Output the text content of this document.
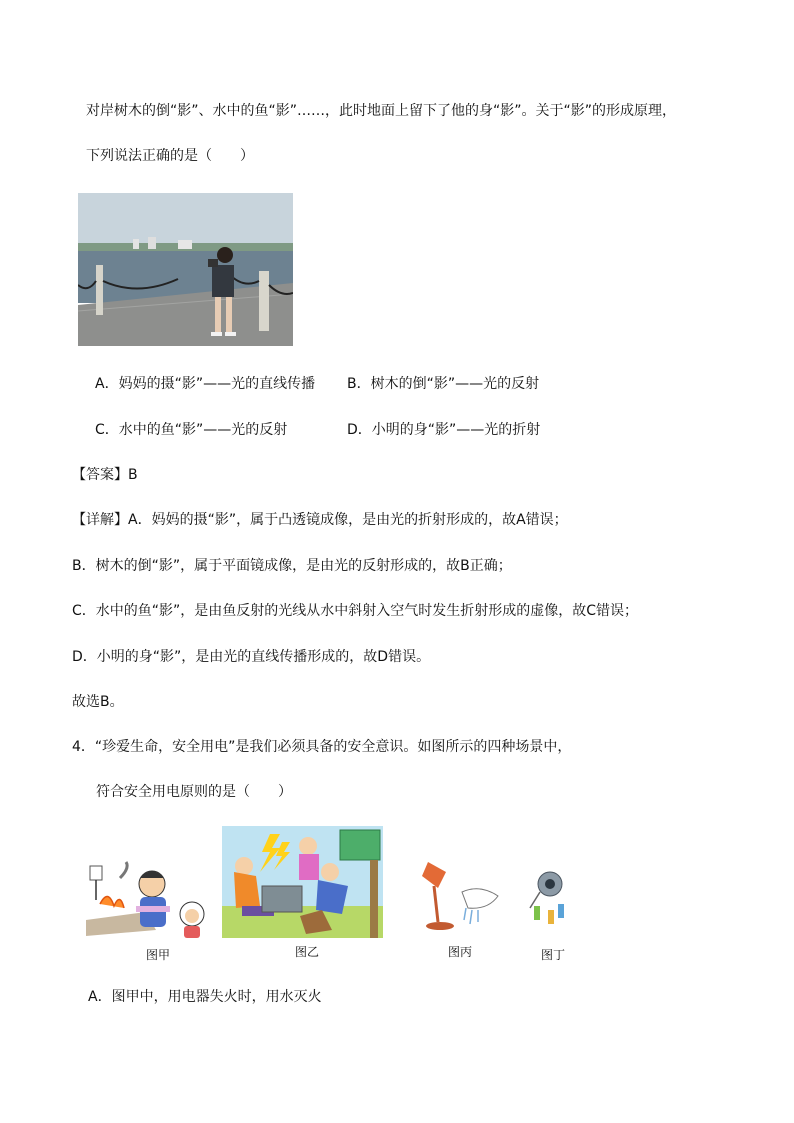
对岸树木的倒“影”、水中的鱼“影”……，此时地面上留下了他的身“影”。关于“影”的形成原理，
下列说法正确的是（　　）
A．妈妈的摄“影”——光的直线传播 B．树木的倒“影”——光的反射
C．水中的鱼“影”——光的反射	D．小明的身“影”——光的折射
【答案】B
【详解】A．妈妈的摄“影”，属于凸透镜成像，是由光的折射形成的，故A错误；
B．树木的倒“影”，属于平面镜成像，是由光的反射形成的，故B正确；
C．水中的鱼“影”，是由鱼反射的光线从水中斜射入空气时发生折射形成的虚像，故C错误；
D．小明的身“影”，是由光的直线传播形成的，故D错误。
故选B。
4．“珍爱生命，安全用电”是我们必须具备的安全意识。如图所示的四种场景中，
符合安全用电原则的是（　　）
图甲	图乙	图丙	图丁
A．图甲中，用电器失火时，用水灭火
